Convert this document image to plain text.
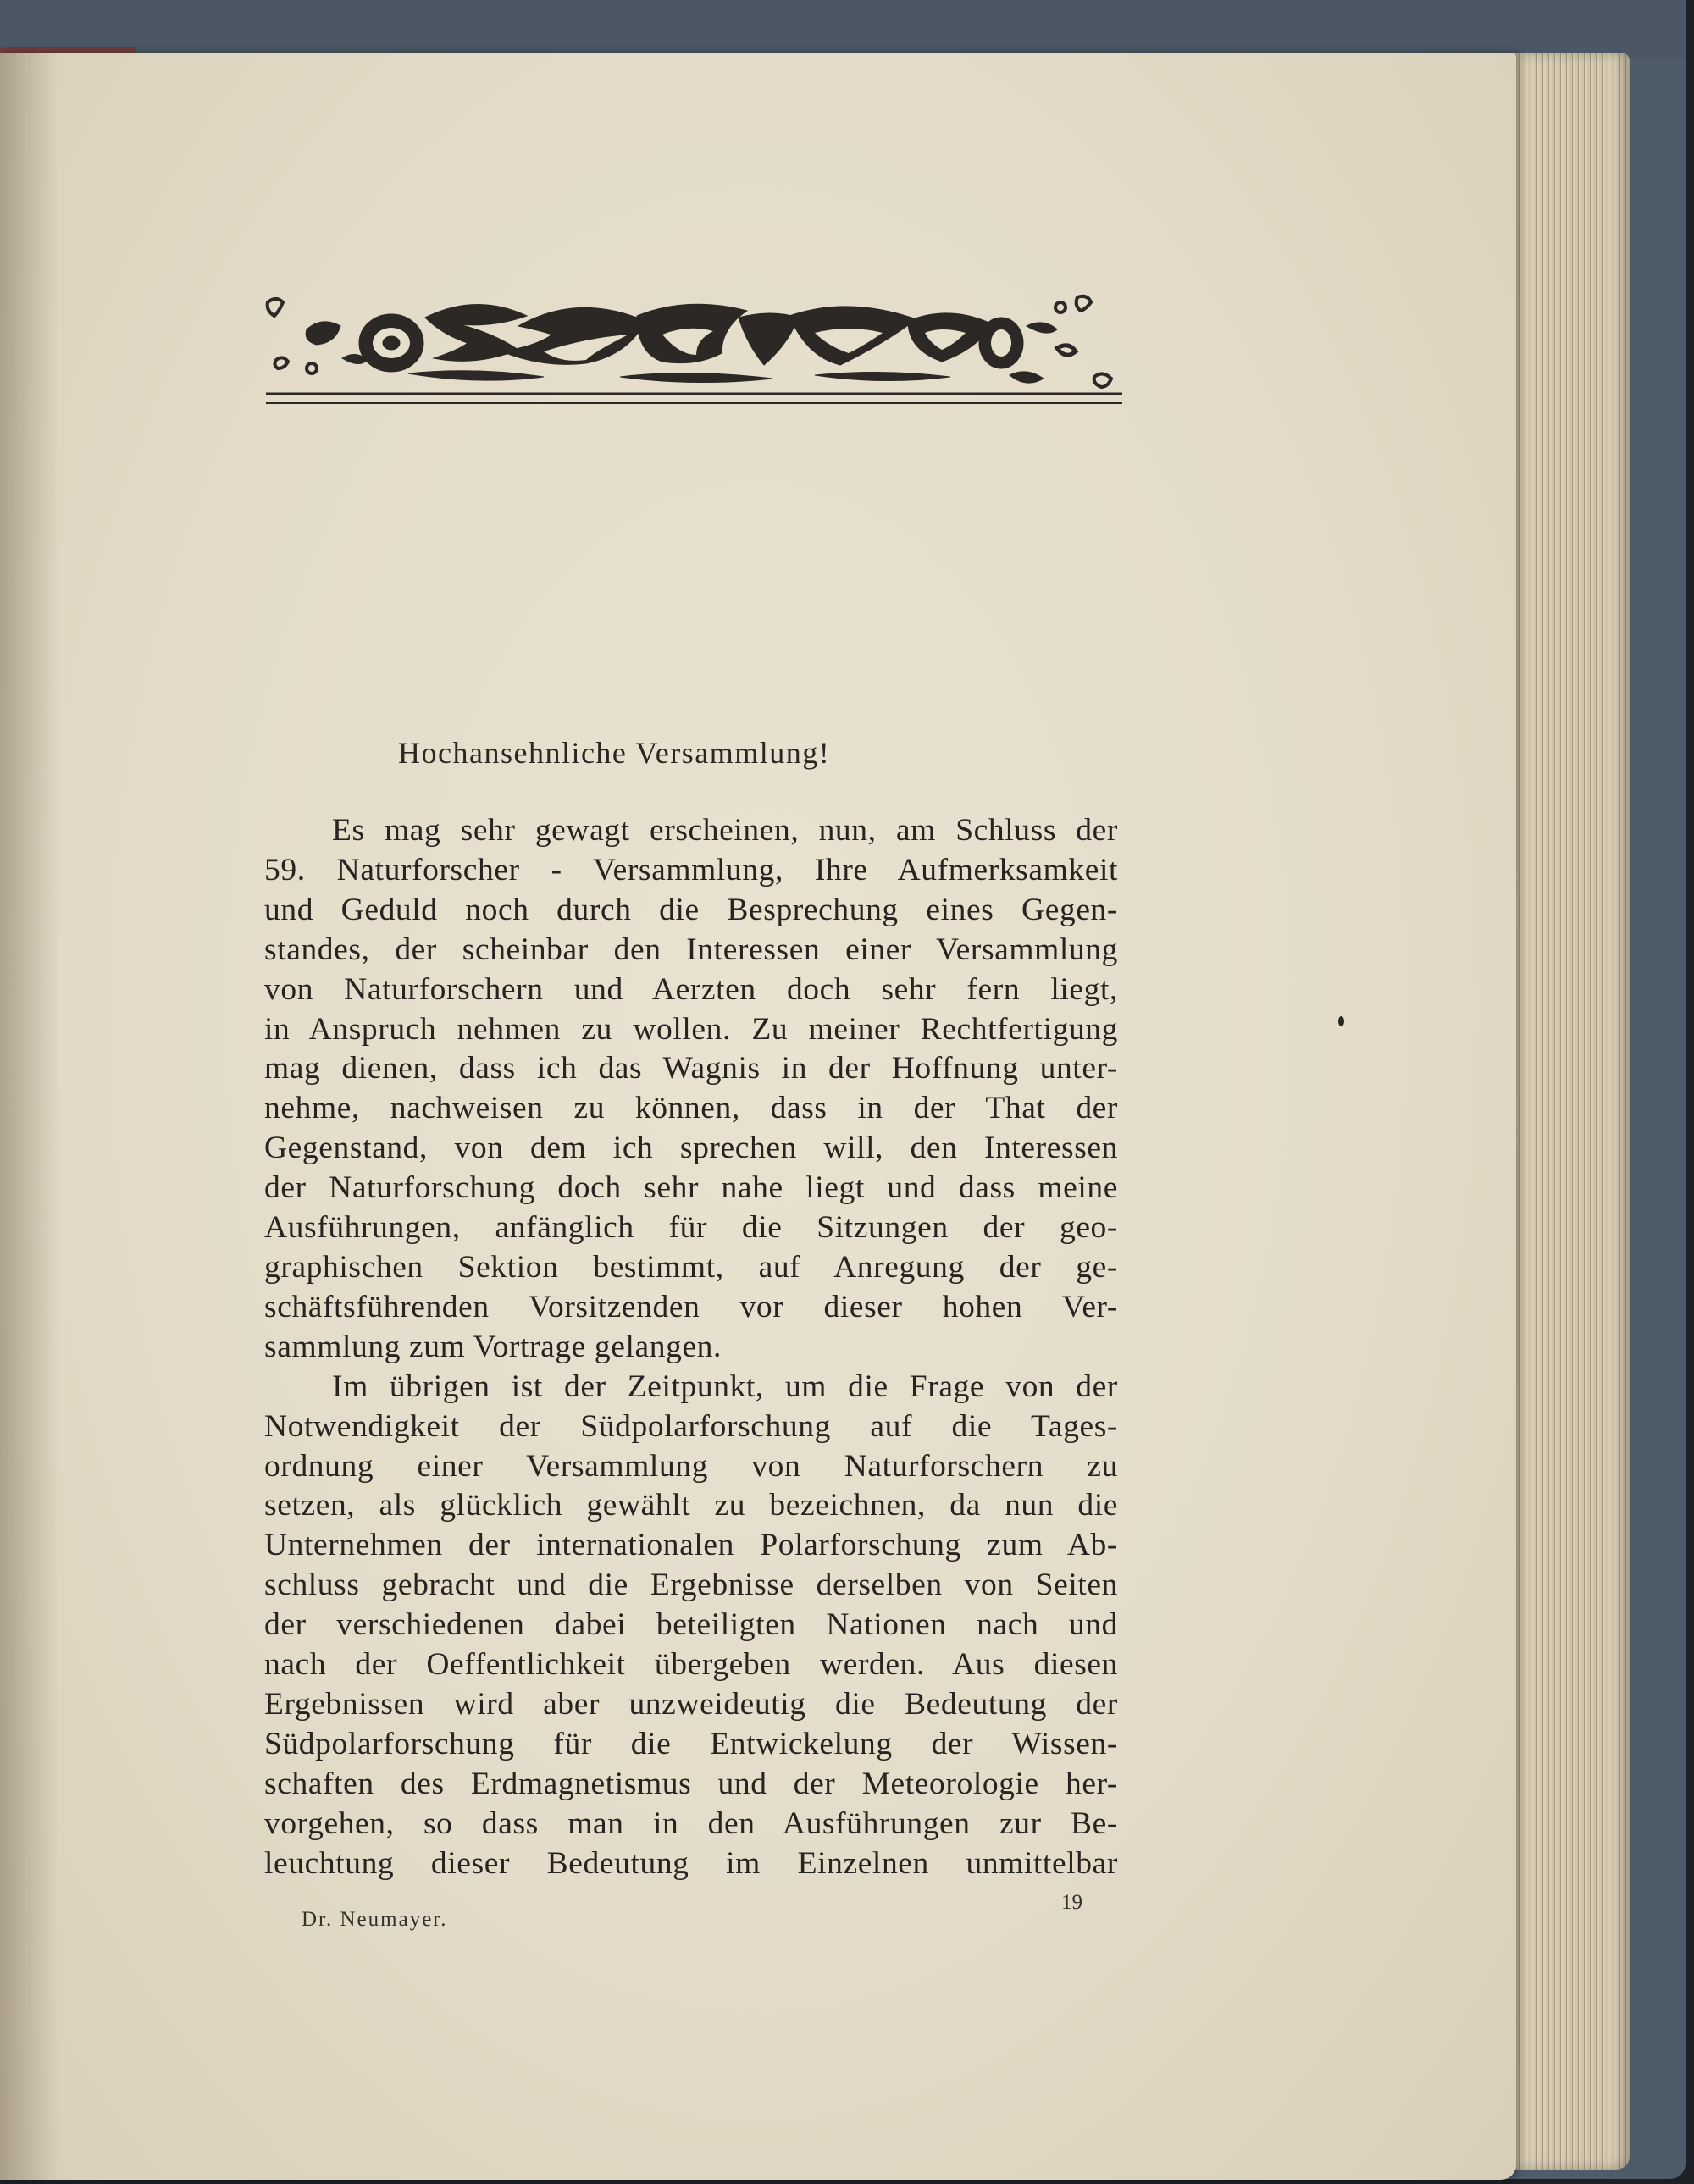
Hochansehnliche Versammlung!
Es mag sehr gewagt erscheinen, nun, am Schluss der
59. Naturforscher - Versammlung, Ihre Aufmerksamkeit
und Geduld noch durch die Besprechung eines Gegen-
standes, der scheinbar den Interessen einer Versammlung
von Naturforschern und Aerzten doch sehr fern liegt,
in Anspruch nehmen zu wollen. Zu meiner Rechtfertigung
mag dienen, dass ich das Wagnis in der Hoffnung unter-
nehme, nachweisen zu können, dass in der That der
Gegenstand, von dem ich sprechen will, den Interessen
der Naturforschung doch sehr nahe liegt und dass meine
Ausführungen, anfänglich für die Sitzungen der geo-
graphischen Sektion bestimmt, auf Anregung der ge-
schäftsführenden Vorsitzenden vor dieser hohen Ver-
sammlung zum Vortrage gelangen.
Im übrigen ist der Zeitpunkt, um die Frage von der
Notwendigkeit der Südpolarforschung auf die Tages-
ordnung einer Versammlung von Naturforschern zu
setzen, als glücklich gewählt zu bezeichnen, da nun die
Unternehmen der internationalen Polarforschung zum Ab-
schluss gebracht und die Ergebnisse derselben von Seiten
der verschiedenen dabei beteiligten Nationen nach und
nach der Oeffentlichkeit übergeben werden. Aus diesen
Ergebnissen wird aber unzweideutig die Bedeutung der
Südpolarforschung für die Entwickelung der Wissen-
schaften des Erdmagnetismus und der Meteorologie her-
vorgehen, so dass man in den Ausführungen zur Be-
leuchtung dieser Bedeutung im Einzelnen unmittelbar
Dr. Neumayer.
19
